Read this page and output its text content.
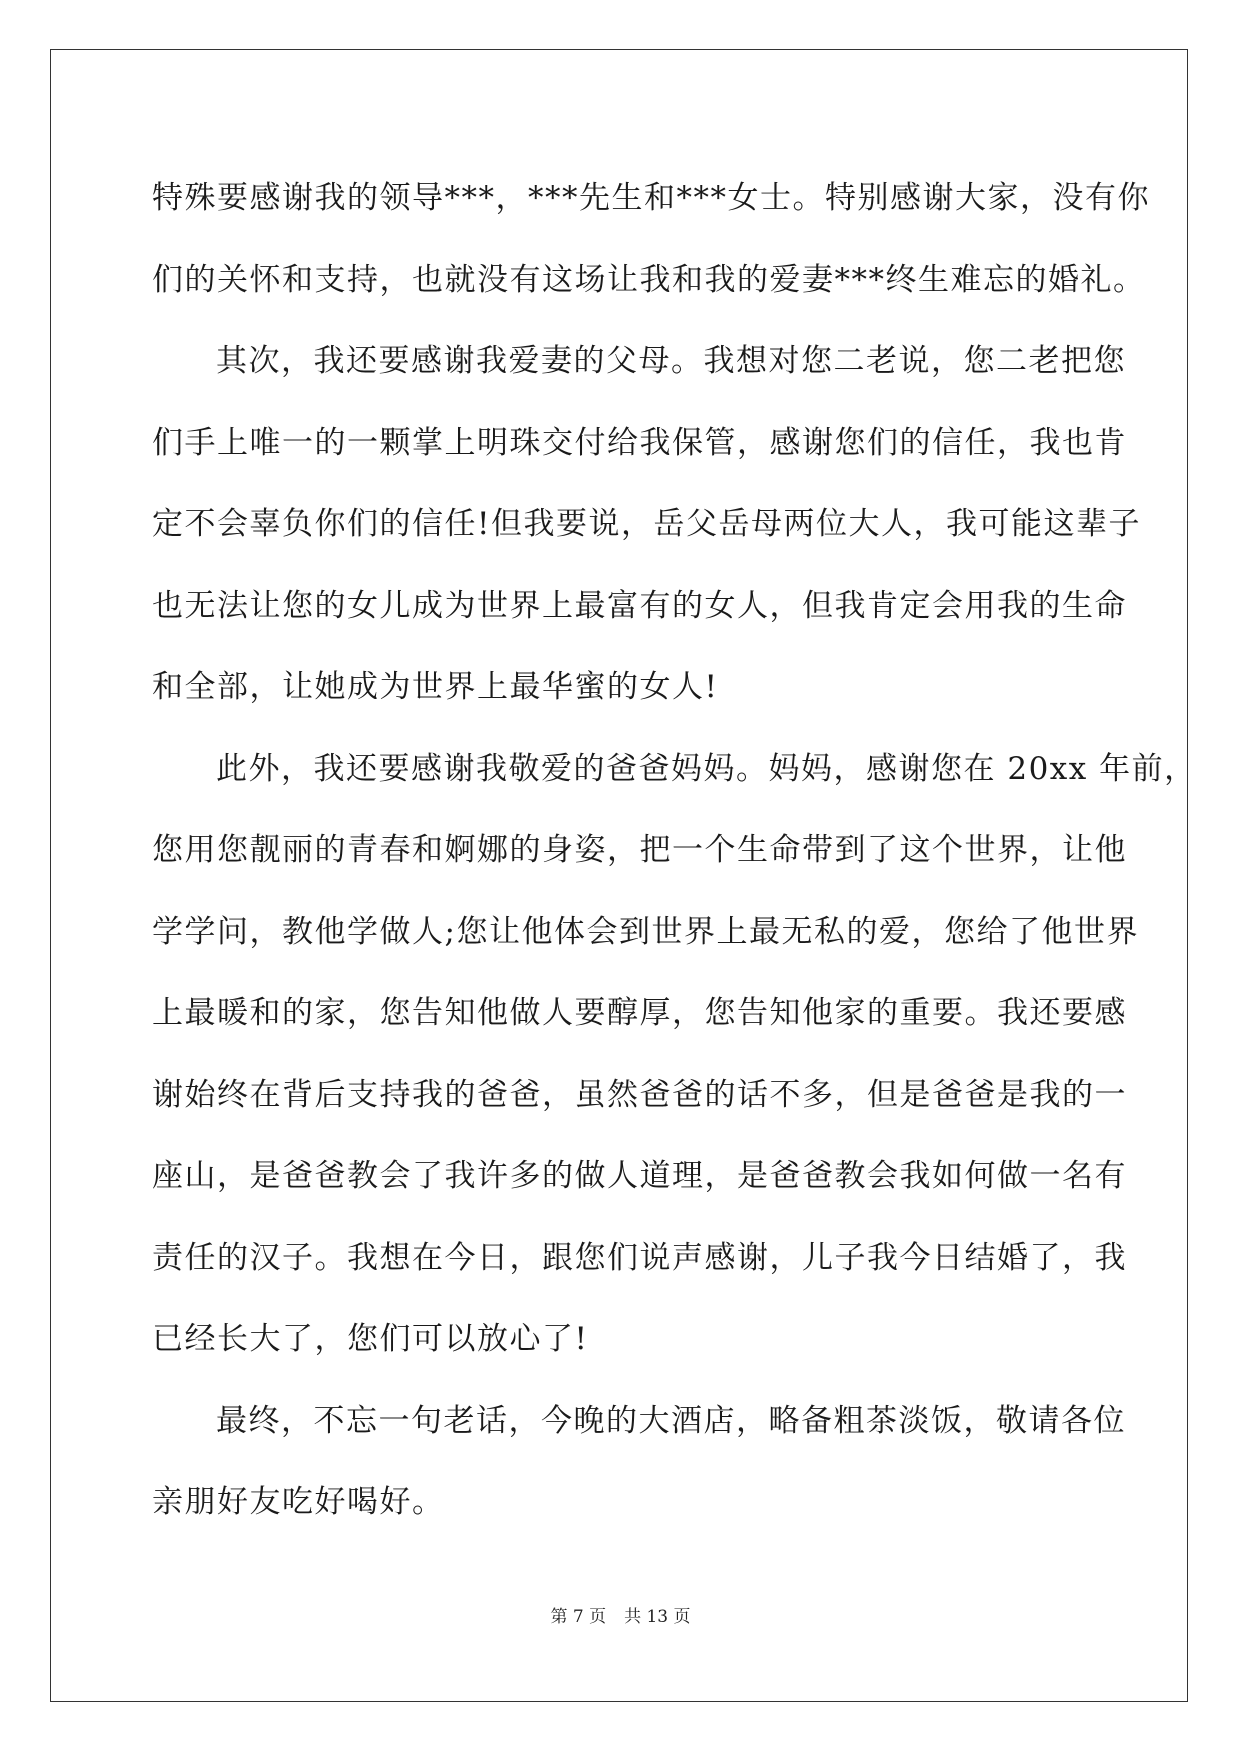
特殊要感谢我的领导***，***先生和***女士。特别感谢大家，没有你
们的关怀和支持，也就没有这场让我和我的爱妻***终生难忘的婚礼。
其次，我还要感谢我爱妻的父母。我想对您二老说，您二老把您
们手上唯一的一颗掌上明珠交付给我保管，感谢您们的信任，我也肯
定不会辜负你们的信任!但我要说，岳父岳母两位大人，我可能这辈子
也无法让您的女儿成为世界上最富有的女人，但我肯定会用我的生命
和全部，让她成为世界上最华蜜的女人!
此外，我还要感谢我敬爱的爸爸妈妈。妈妈，感谢您在 20xx 年前，
您用您靓丽的青春和婀娜的身姿，把一个生命带到了这个世界，让他
学学问，教他学做人;您让他体会到世界上最无私的爱，您给了他世界
上最暖和的家，您告知他做人要醇厚，您告知他家的重要。我还要感
谢始终在背后支持我的爸爸，虽然爸爸的话不多，但是爸爸是我的一
座山，是爸爸教会了我许多的做人道理，是爸爸教会我如何做一名有
责任的汉子。我想在今日，跟您们说声感谢，儿子我今日结婚了，我
已经长大了，您们可以放心了!
最终，不忘一句老话，今晚的大酒店，略备粗茶淡饭，敬请各位
亲朋好友吃好喝好。
第 7 页 共 13 页
